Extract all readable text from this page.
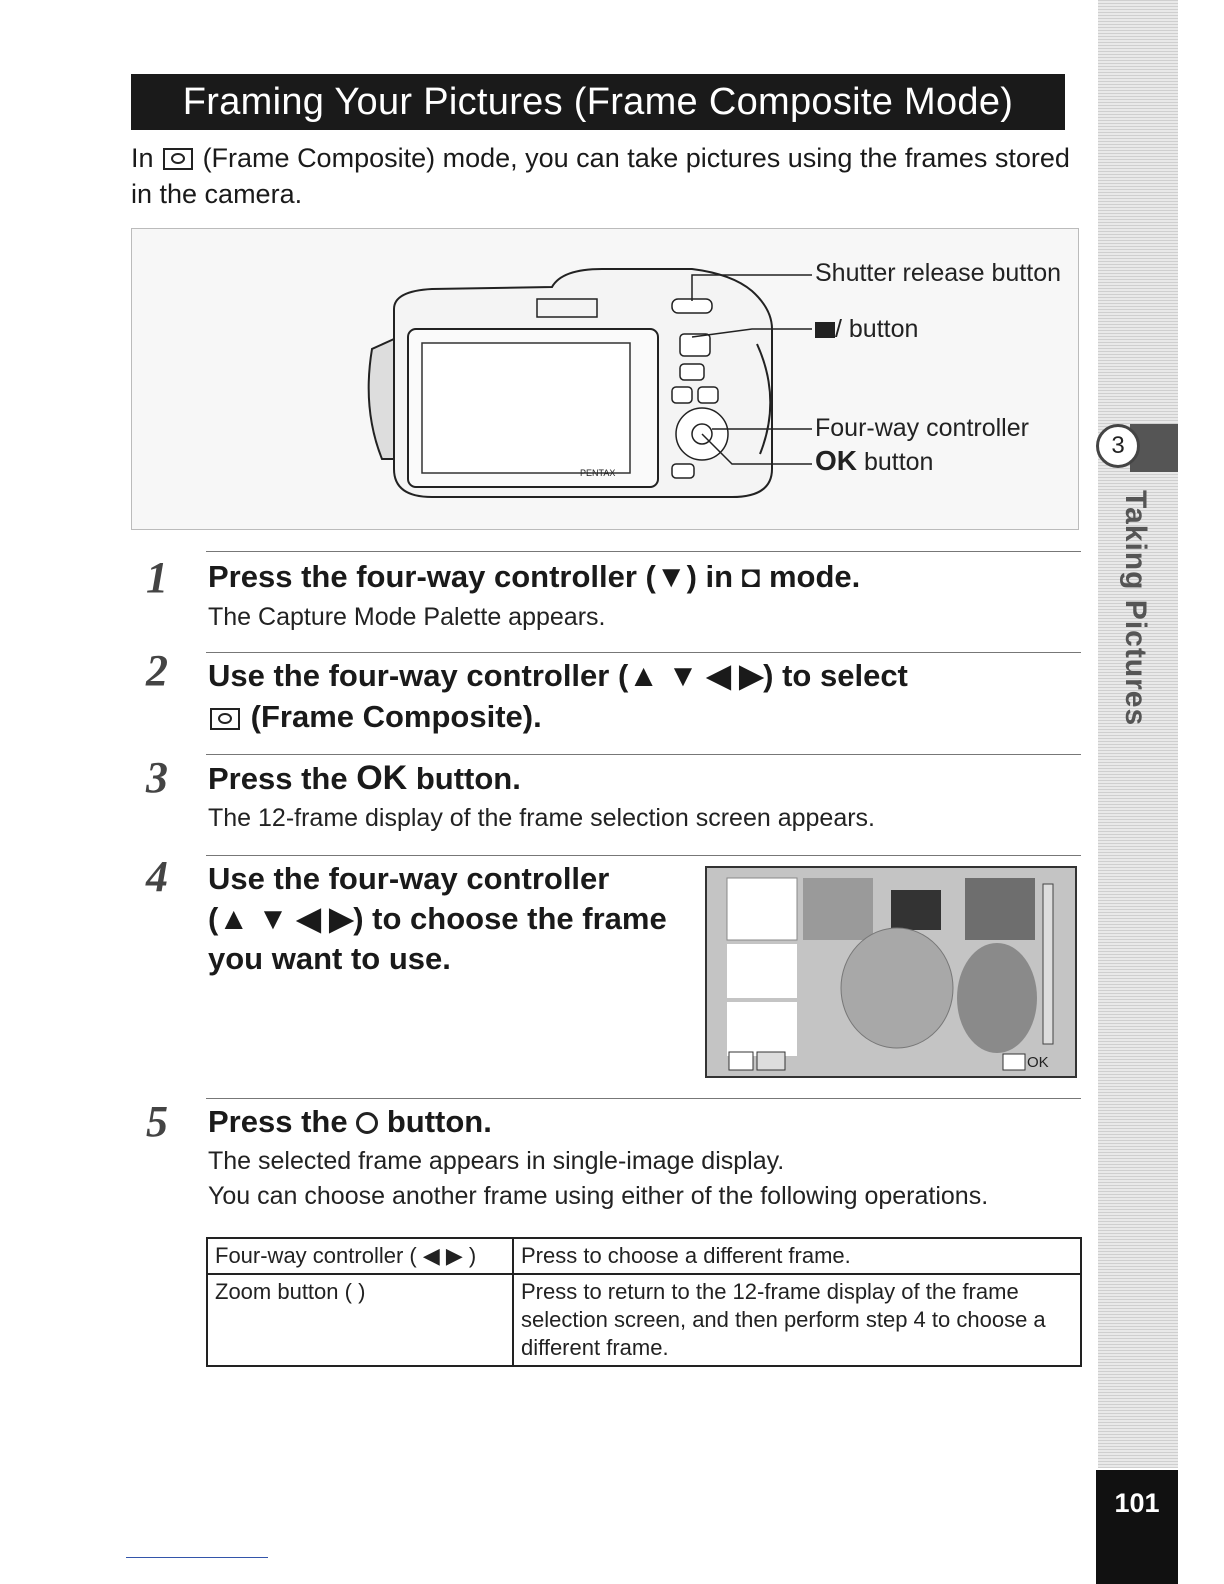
Framing Your Pictures (Frame Composite Mode)
In (Frame Composite) mode, you can take pictures using the frames stored in the camera.
PENTAX
Shutter release button
/ button
Four-way controller
OK button
3
Taking Pictures
1 Press the four-way controller (▼) in ◘ mode.
The Capture Mode Palette appears.
2 Use the four-way controller (▲ ▼ ◀ ▶) to select
(Frame Composite).
3 Press the OK button.
The 12-frame display of the frame selection screen appears.
4 Use the four-way controller
(▲ ▼ ◀ ▶) to choose the frame
you want to use.
OK
5 Press the button.
The selected frame appears in single-image display.
You can choose another frame using either of the following operations.
Four-way controller ( ◀ ▶ )	Press to choose a different frame.
Zoom button ( )	Press to return to the 12-frame display of the frame selection screen, and then perform step 4 to choose a different frame.
101
